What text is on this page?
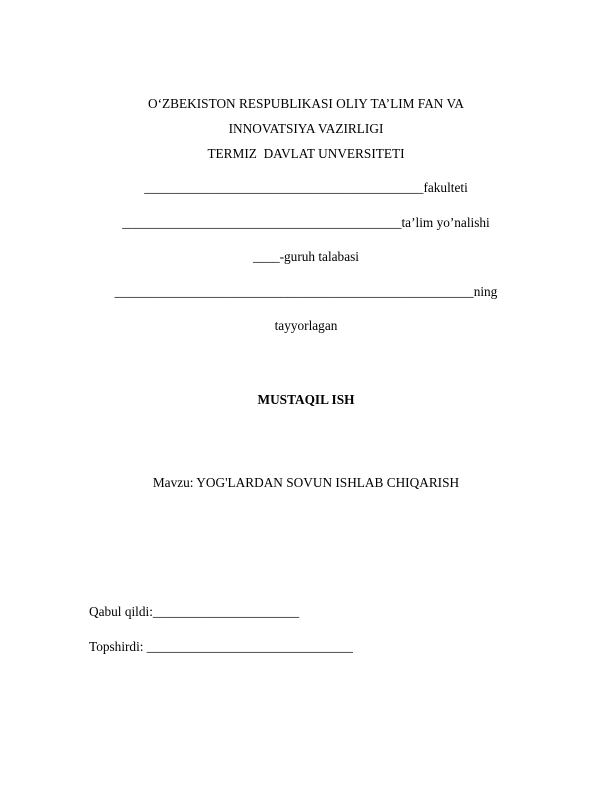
O‘ZBEKISTON RESPUBLIKASI OLIY TA’LIM FAN VA
INNOVATSIYA VAZIRLIGI
TERMIZ  DAVLAT UNVERSITETI
__________________________________________fakulteti
__________________________________________ta’lim yo’nalishi
____-guruh talabasi
______________________________________________________ning
tayyorlagan
MUSTAQIL ISH
Mavzu: YOG'LARDAN SOVUN ISHLAB CHIQARISH
Qabul qildi:______________________
Topshirdi: _______________________________
